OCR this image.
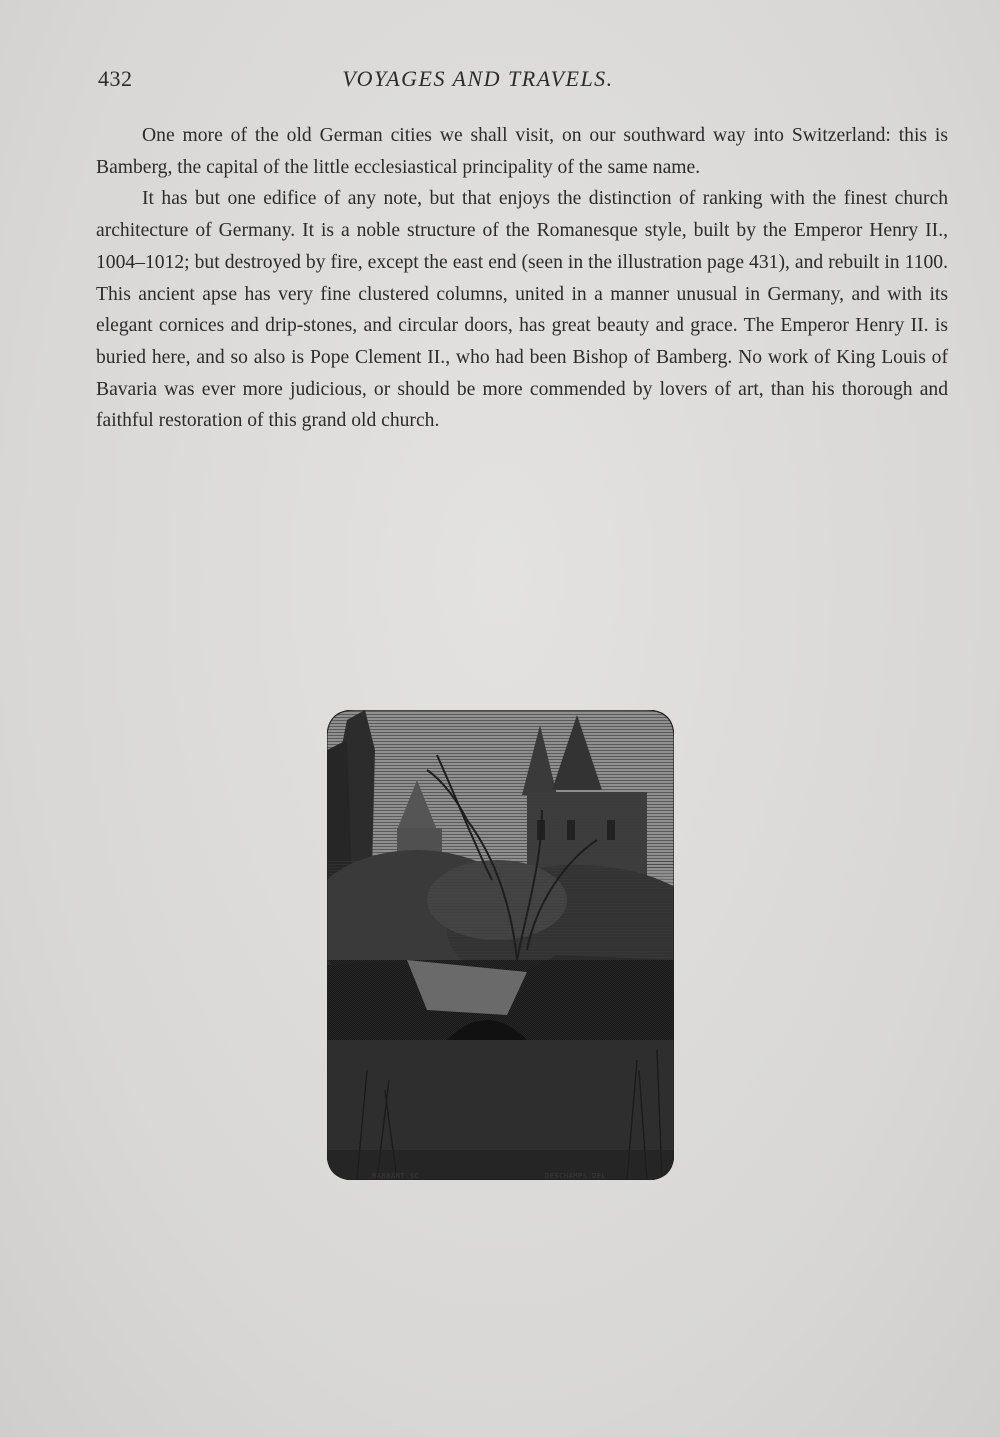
432	VOYAGES AND TRAVELS.

One more of the old German cities we shall visit, on our southward way into Switzerland: this is Bamberg, the capital of the little ecclesiastical principality of the same name.

It has but one edifice of any note, but that enjoys the distinction of ranking with the finest church architecture of Germany. It is a noble structure of the Romanesque style, built by the Emperor Henry II., 1004–1012; but destroyed by fire, except the east end (seen in the illustration page 431), and rebuilt in 1100. This ancient apse has very fine clustered columns, united in a manner unusual in Germany, and with its elegant cornices and drip-stones, and circular doors, has great beauty and grace. The Emperor Henry II. is buried here, and so also is Pope Clement II., who had been Bishop of Bamberg. No work of King Louis of Bavaria was ever more judicious, or should be more commended by lovers of art, than his thorough and faithful restoration of this grand old church.

BARBANT.SC	DESCHAMPS.DEL
